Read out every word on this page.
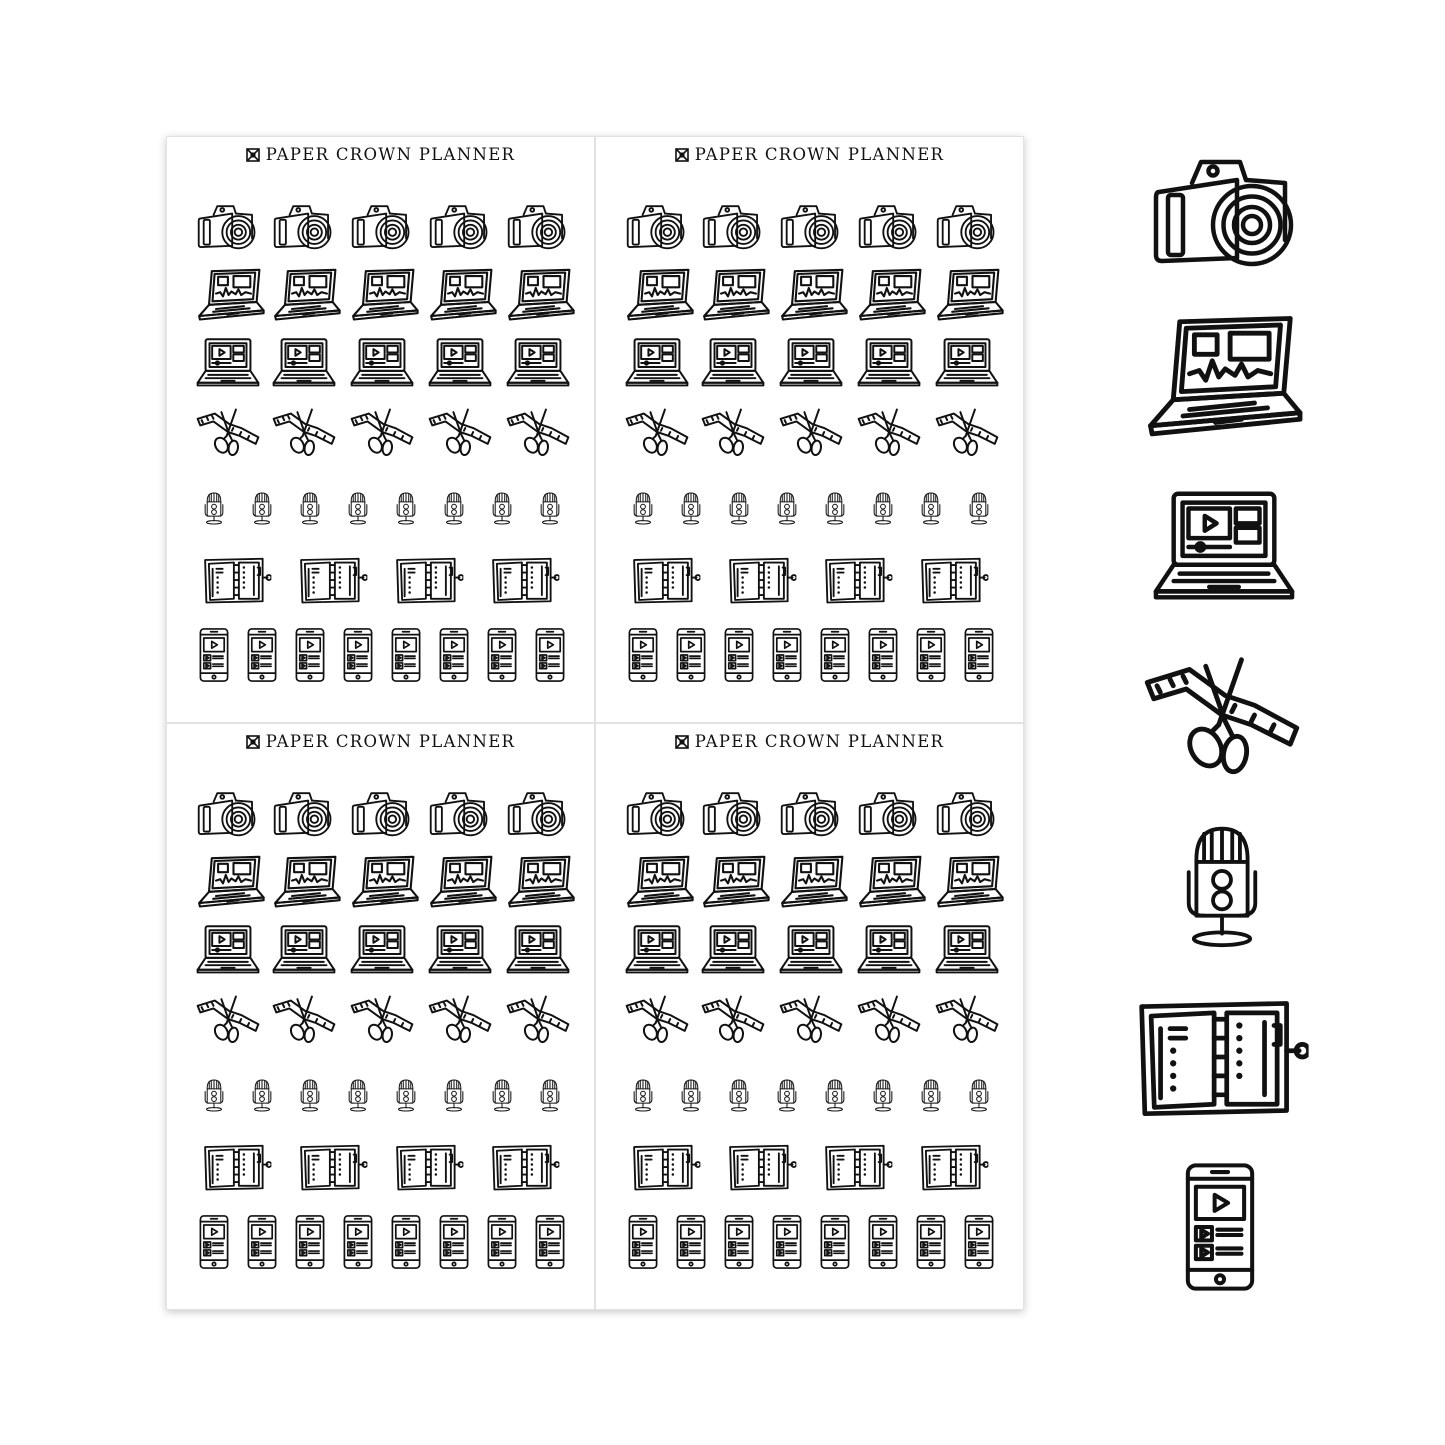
PAPER CROWN PLANNER	PAPER CROWN PLANNER
PAPER CROWN PLANNER	PAPER CROWN PLANNER
